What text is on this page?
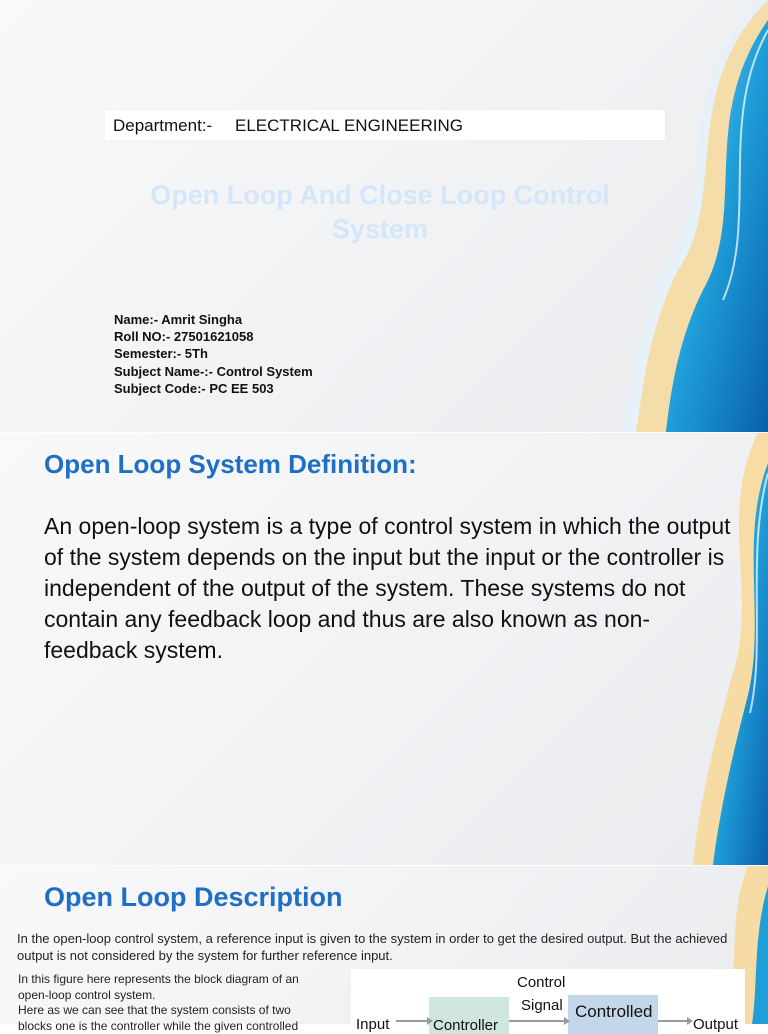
Department:- ELECTRICAL ENGINEERING
Open Loop And Close Loop Control
System
Name:- Amrit Singha
Roll NO:- 27501621058
Semester:- 5Th
Subject Name-:- Control System
Subject Code:- PC EE 503
Open Loop System Definition:
An open-loop system is a type of control system in which the output of the system depends on the input but the input or the controller is independent of the output of the system. These systems do not contain any feedback loop and thus are also known as non-feedback system.
Open Loop Description
In the open-loop control system, a reference input is given to the system in order to get the desired output. But the achieved output is not considered by the system for further reference input.
In this figure here represents the block diagram of an open-loop control system.
Here as we can see that the system consists of two blocks one is the controller while the given controlled
Control
Signal
Input	Controller
Controlled
Output
